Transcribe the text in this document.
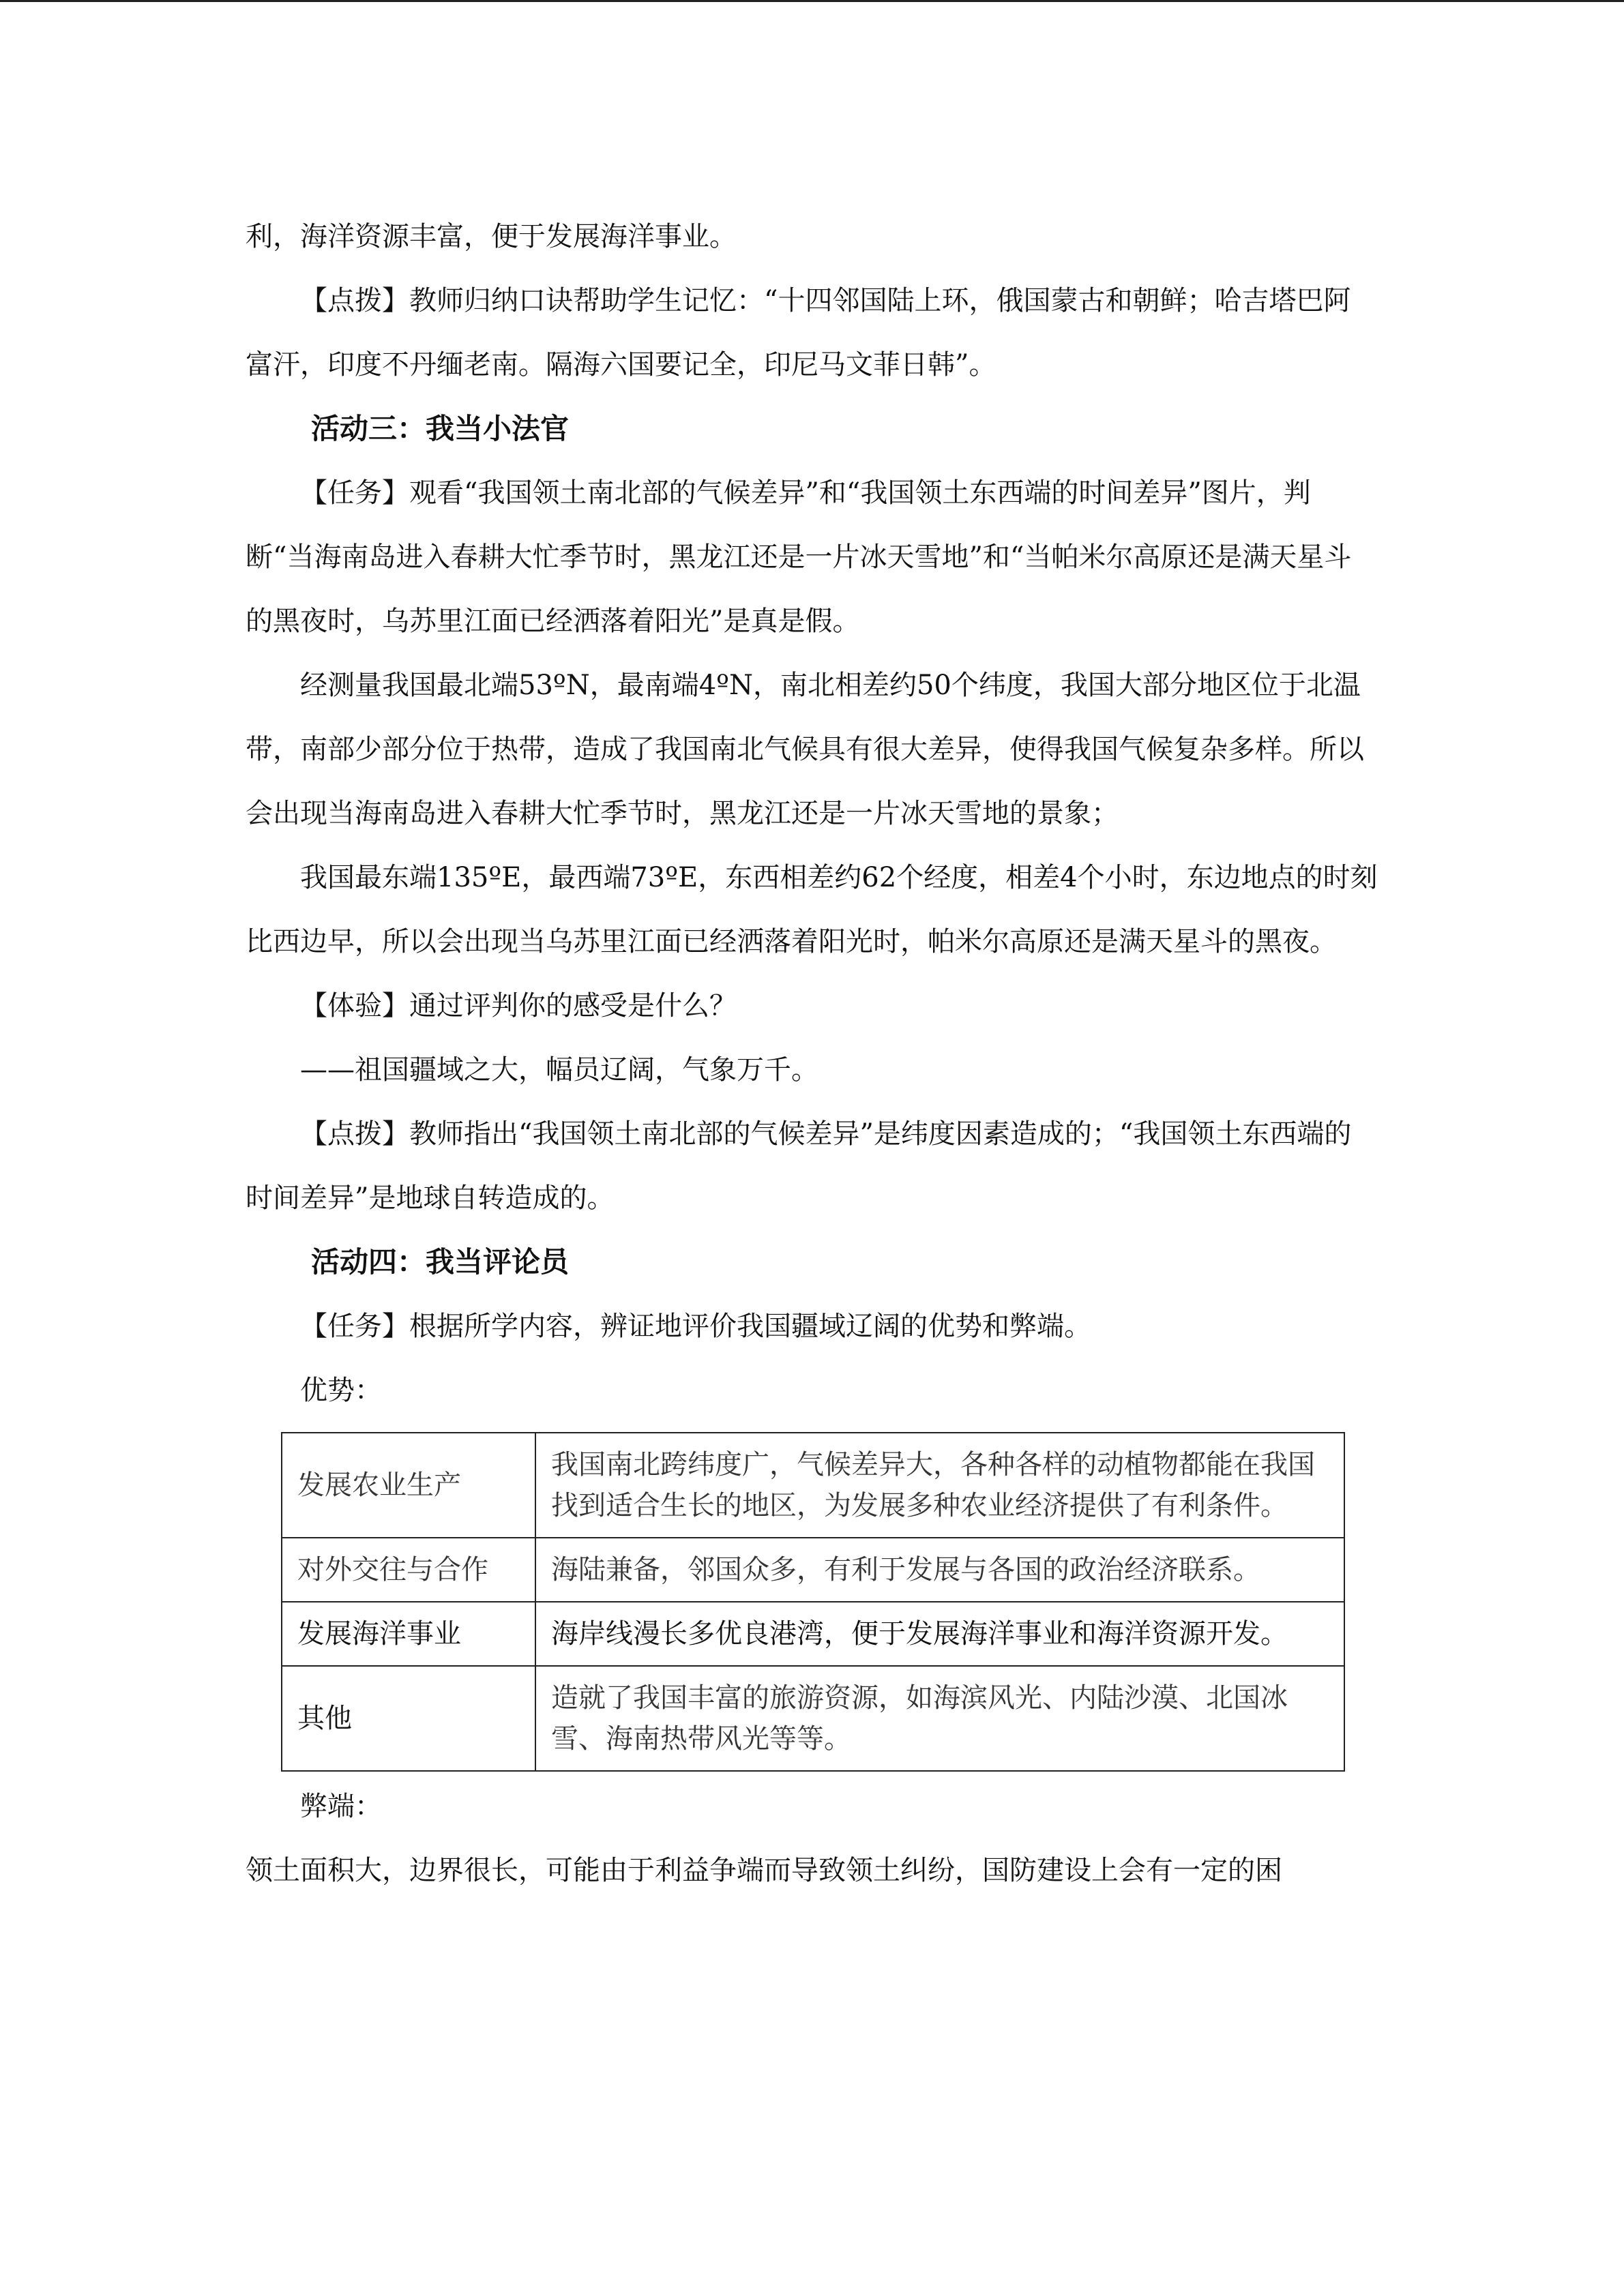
利，海洋资源丰富，便于发展海洋事业。

【点拨】教师归纳口诀帮助学生记忆：“十四邻国陆上环，俄国蒙古和朝鲜；哈吉塔巴阿富汗，印度不丹缅老南。隔海六国要记全，印尼马文菲日韩”。

活动三：我当小法官

【任务】观看“我国领土南北部的气候差异”和“我国领土东西端的时间差异”图片，判断“当海南岛进入春耕大忙季节时，黑龙江还是一片冰天雪地”和“当帕米尔高原还是满天星斗的黑夜时，乌苏里江面已经洒落着阳光”是真是假。

经测量我国最北端53ºN，最南端4ºN，南北相差约50个纬度，我国大部分地区位于北温带，南部少部分位于热带，造成了我国南北气候具有很大差异，使得我国气候复杂多样。所以会出现当海南岛进入春耕大忙季节时，黑龙江还是一片冰天雪地的景象；

我国最东端135ºE，最西端73ºE，东西相差约62个经度，相差4个小时，东边地点的时刻比西边早，所以会出现当乌苏里江面已经洒落着阳光时，帕米尔高原还是满天星斗的黑夜。

【体验】通过评判你的感受是什么？

——祖国疆域之大，幅员辽阔，气象万千。

【点拨】教师指出“我国领土南北部的气候差异”是纬度因素造成的；“我国领土东西端的时间差异”是地球自转造成的。

活动四：我当评论员

【任务】根据所学内容，辨证地评价我国疆域辽阔的优势和弊端。

优势：

发展农业生产	我国南北跨纬度广，气候差异大，各种各样的动植物都能在我国找到适合生长的地区，为发展多种农业经济提供了有利条件。
对外交往与合作	海陆兼备，邻国众多，有利于发展与各国的政治经济联系。
发展海洋事业	海岸线漫长多优良港湾，便于发展海洋事业和海洋资源开发。
其他	造就了我国丰富的旅游资源，如海滨风光、内陆沙漠、北国冰雪、海南热带风光等等。

弊端：

领土面积大，边界很长，可能由于利益争端而导致领土纠纷，国防建设上会有一定的困
